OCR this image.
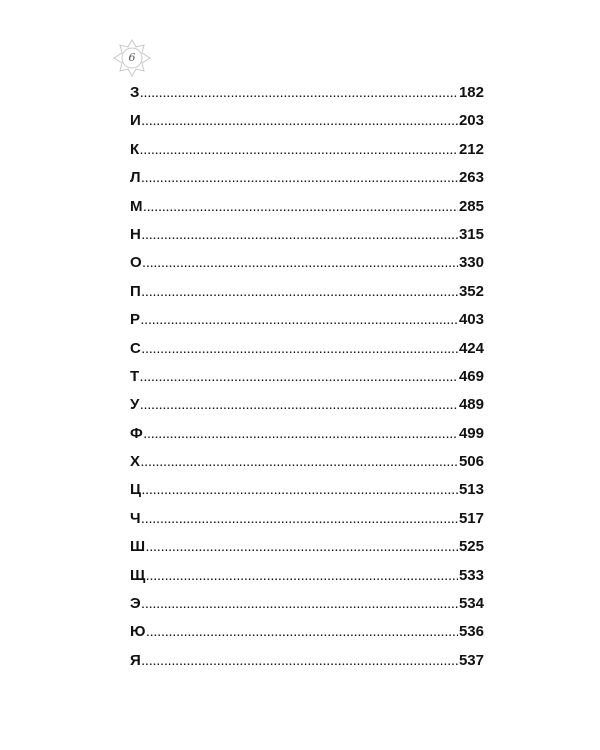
6
З .....	182
И .....	203
К .....	212
Л .....	263
М .....	285
Н .....	315
О .....	330
П .....	352
Р .....	403
С .....	424
Т .....	469
У .....	489
Ф .....	499
Х .....	506
Ц .....	513
Ч .....	517
Ш .....	525
Щ .....	533
Э .....	534
Ю .....	536
Я .....	537
